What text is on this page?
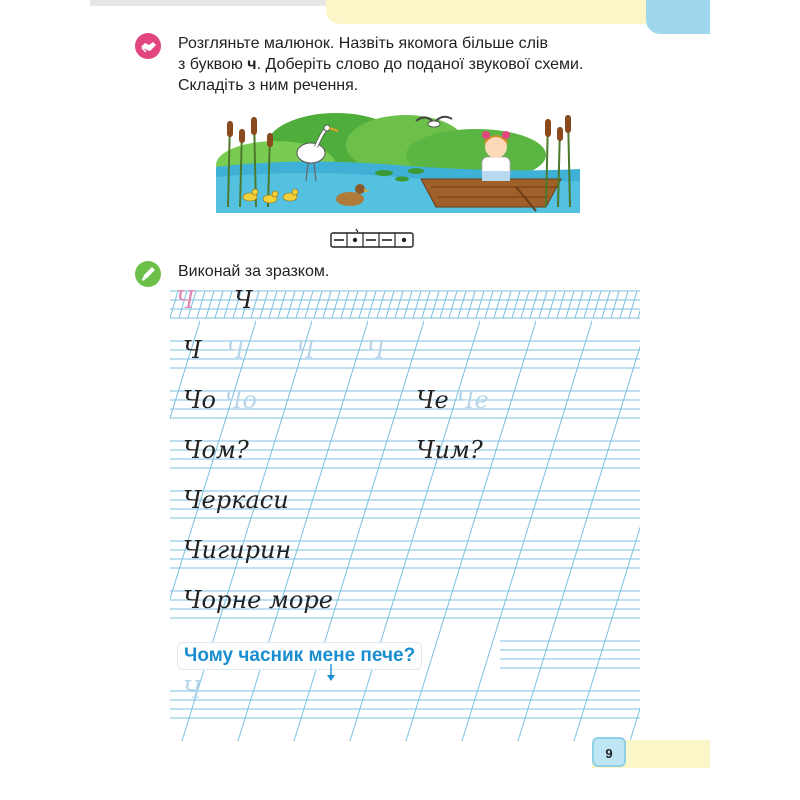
Розгляньте малюнок. Назвіть якомога більше слів
з буквою ч. Доберіть слово до поданої звукової схеми.
Складіть з ним речення.
Виконай за зразком.
Ч Ч
Ч Ч Ч Ч
Чо Чо	Че Че
Чом?	Чим?
Черкаси
Чигирин
Чорне море
Чому часник мене пече?
Ч
9
